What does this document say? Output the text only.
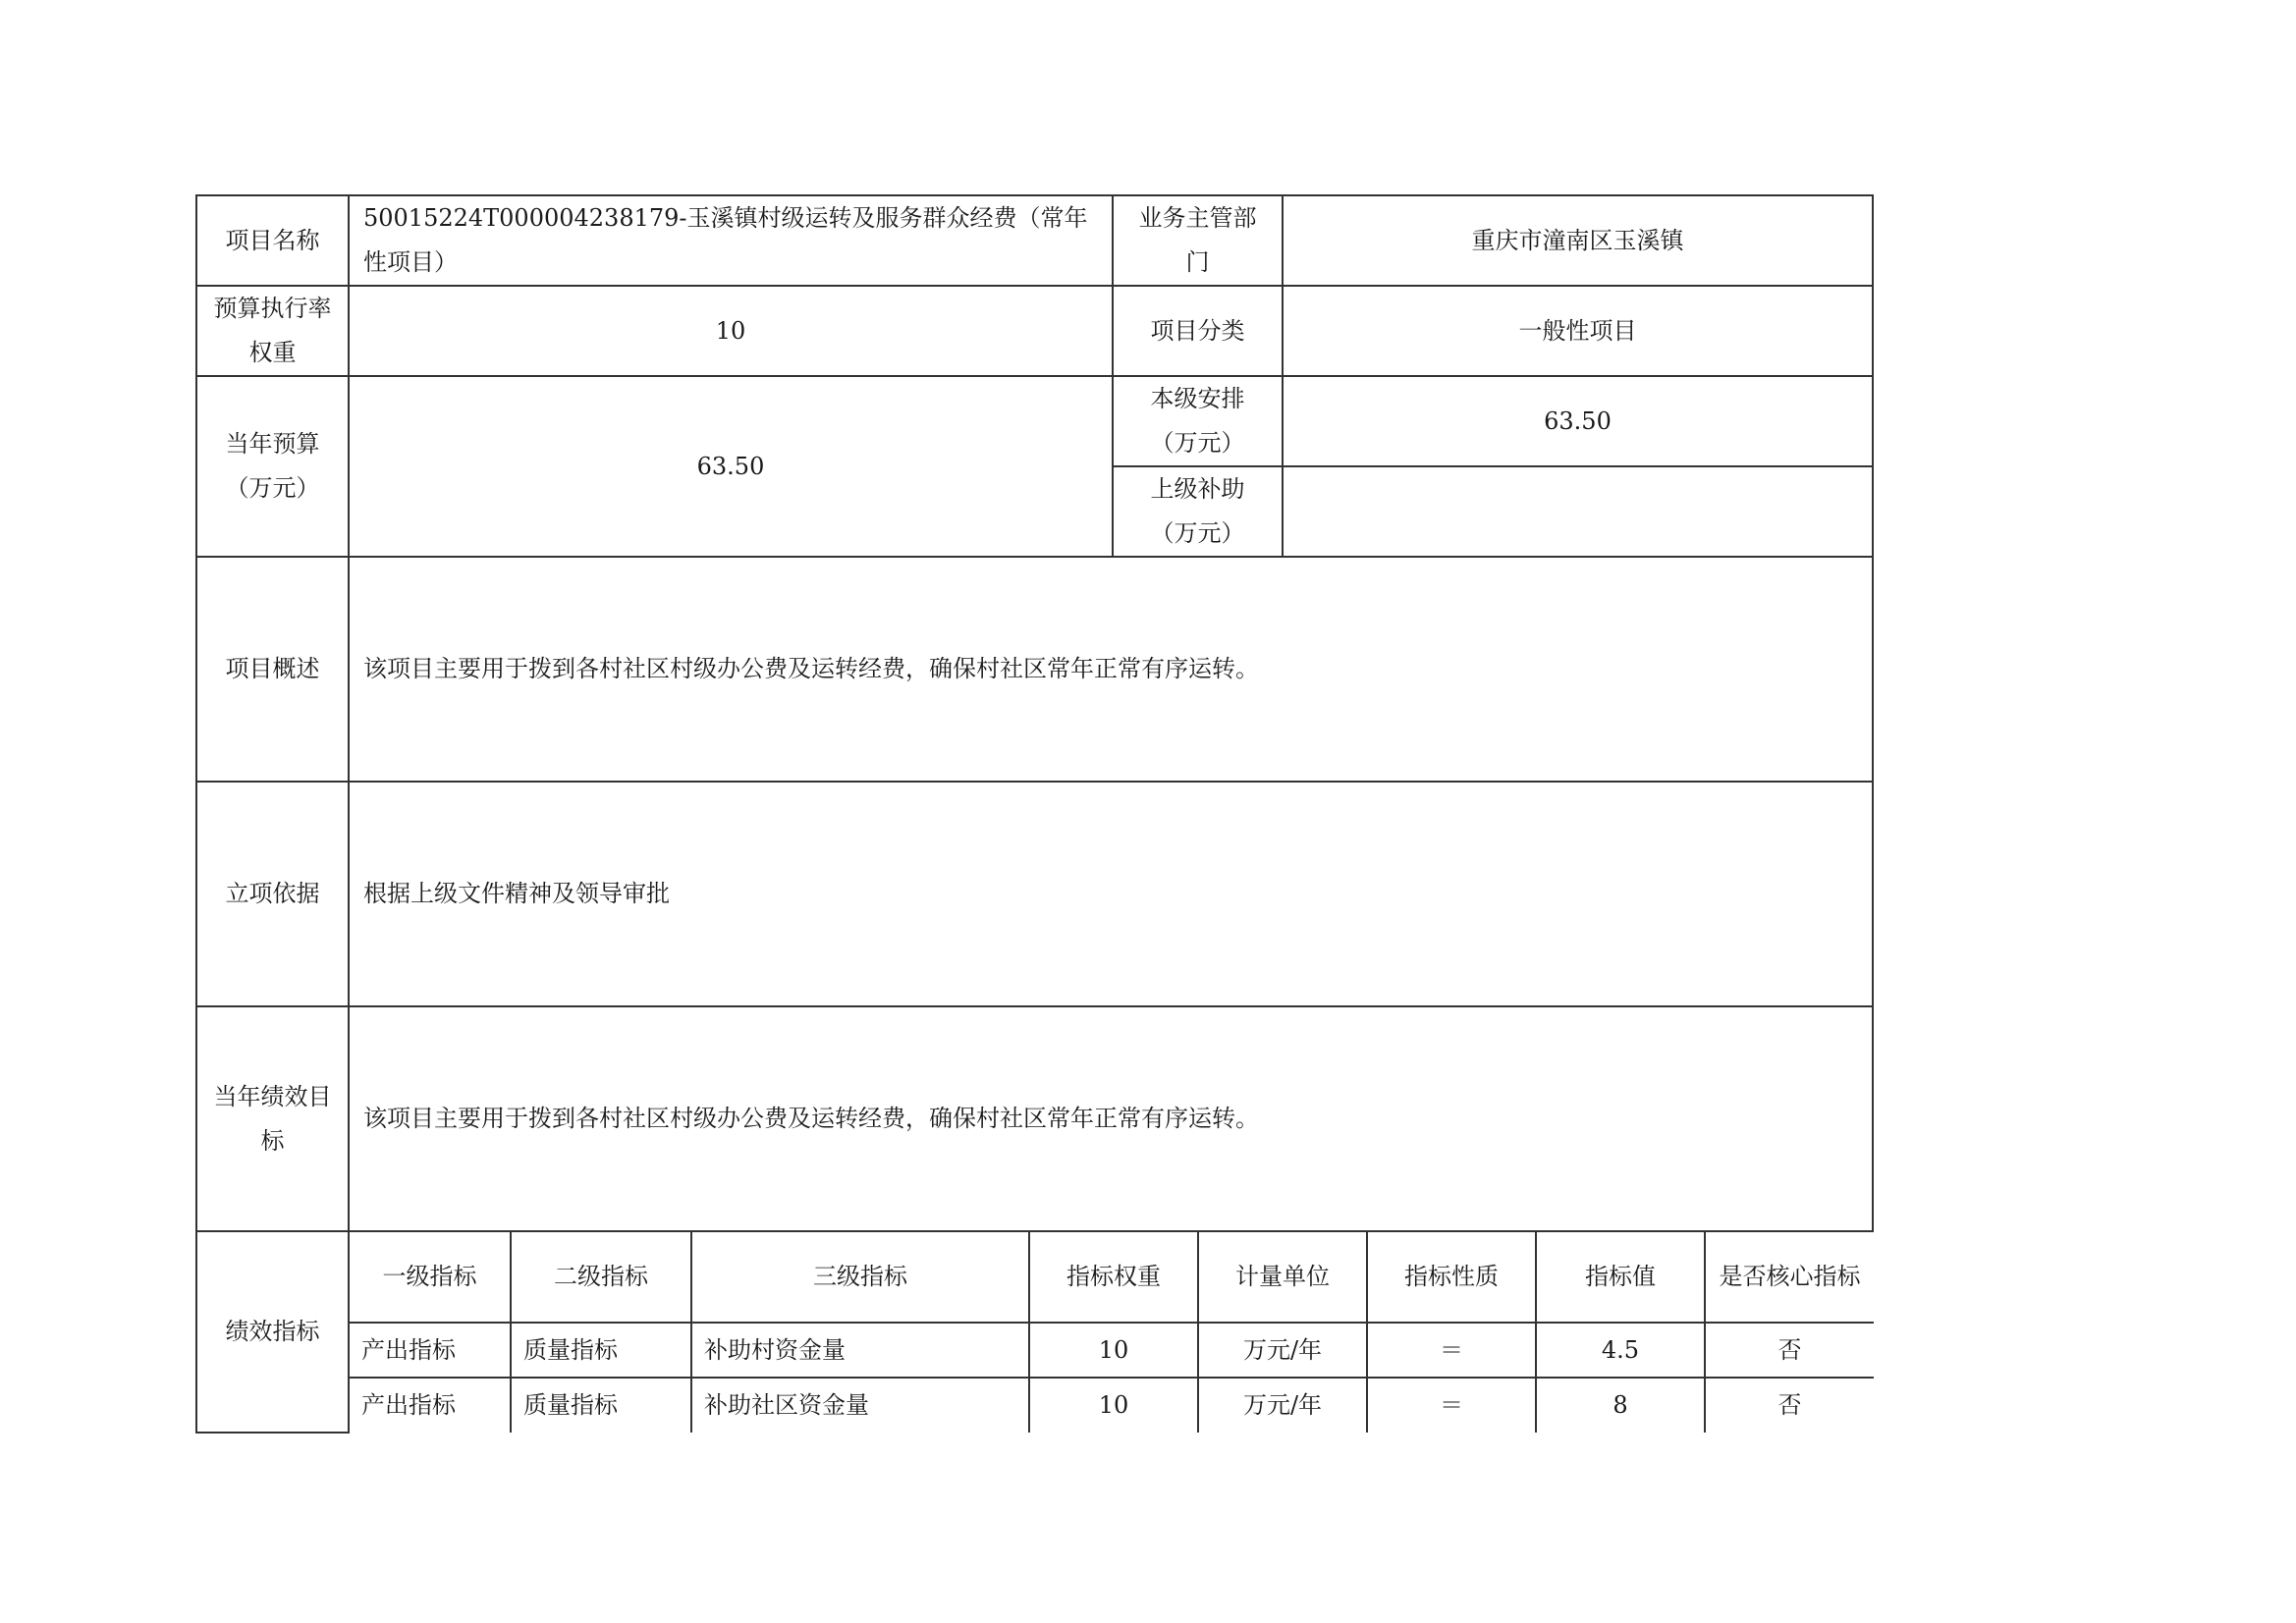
项目名称	50015224T000004238179-玉溪镇村级运转及服务群众经费（常年性项目）	业务主管部门	重庆市潼南区玉溪镇
预算执行率权重	10	项目分类	一般性项目
当年预算（万元）	63.50	本级安排（万元）	63.50
上级补助（万元）	
项目概述	该项目主要用于拨到各村社区村级办公费及运转经费，确保村社区常年正常有序运转。
立项依据	根据上级文件精神及领导审批
当年绩效目标	该项目主要用于拨到各村社区村级办公费及运转经费，确保村社区常年正常有序运转。
绩效指标	
一级指标	二级指标	三级指标	指标权重	计量单位	指标性质	指标值	是否核心指标
产出指标	质量指标	补助村资金量	10	万元/年	＝	4.5	否
产出指标	质量指标	补助社区资金量	10	万元/年	＝	8	否
